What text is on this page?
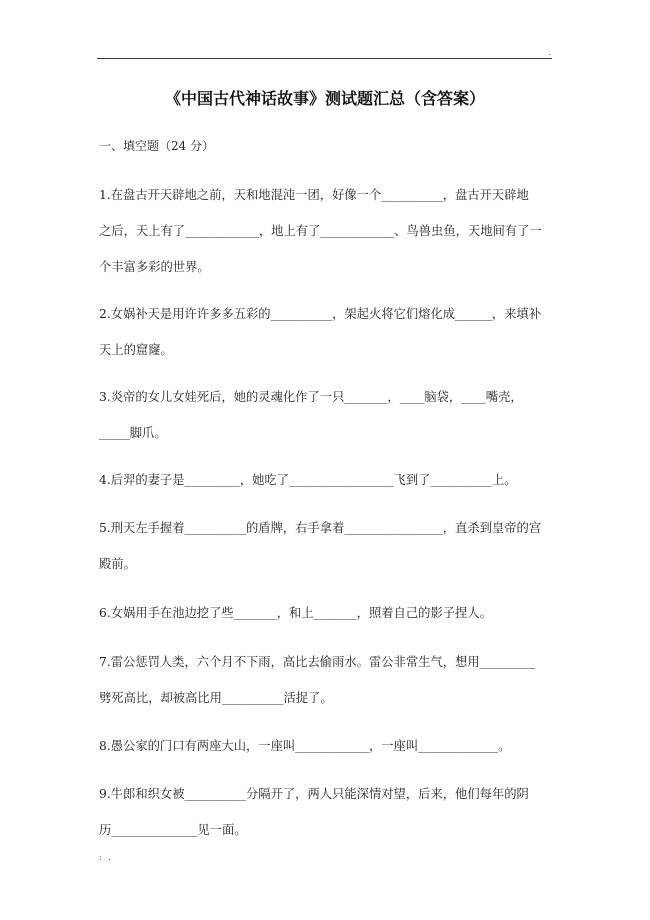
.
《中国古代神话故事》测试题汇总（含答案）
一、填空题（24 分）
1.在盘古开天辟地之前，天和地混沌一团，好像一个__________，盘古开天辟地
之后，天上有了____________，地上有了____________、鸟兽虫鱼，天地间有了一
个丰富多彩的世界。
2.女娲补天是用许许多多五彩的__________，架起火将它们熔化成______，来填补
天上的窟窿。
3.炎帝的女儿女娃死后，她的灵魂化作了一只_______，____脑袋，____嘴壳，
_____脚爪。
4.后羿的妻子是_________，她吃了_________________飞到了__________上。
5.刑天左手握着__________的盾牌，右手拿着________________，直杀到皇帝的宫
殿前。
6.女娲用手在池边挖了些_______，和上_______，照着自己的影子捏人。
7.雷公惩罚人类，六个月不下雨，高比去偷雨水。雷公非常生气，想用_________
劈死高比，却被高比用__________活捉了。
8.愚公家的门口有两座大山，一座叫____________，一座叫_____________。
9.牛郎和织女被__________分隔开了，两人只能深情对望，后来，他们每年的阴
历______________见一面。
: .
